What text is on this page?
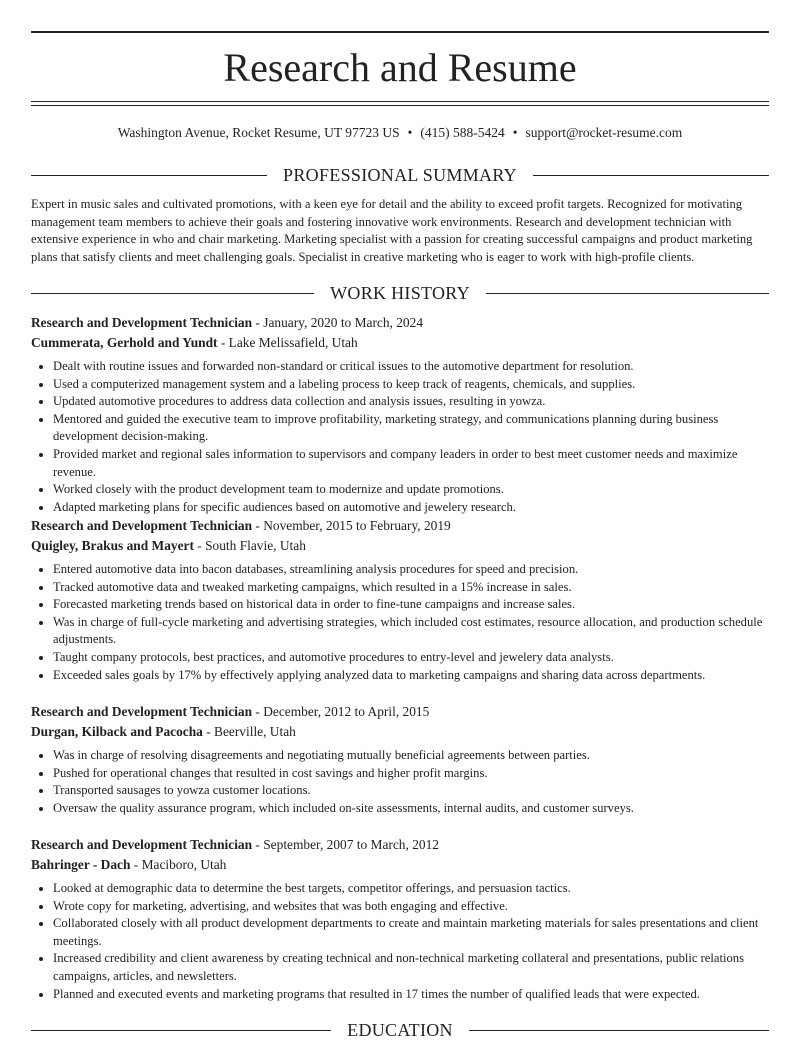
Research and Resume
Washington Avenue, Rocket Resume, UT 97723 US • (415) 588-5424 • support@rocket-resume.com
PROFESSIONAL SUMMARY

Expert in music sales and cultivated promotions, with a keen eye for detail and the ability to exceed profit targets. Recognized for motivating management team members to achieve their goals and fostering innovative work environments. Research and development technician with extensive experience in who and chair marketing. Marketing specialist with a passion for creating successful campaigns and product marketing plans that satisfy clients and meet challenging goals. Specialist in creative marketing who is eager to work with high-profile clients.

WORK HISTORY
Research and Development Technician - January, 2020 to March, 2024
Cummerata, Gerhold and Yundt - Lake Melissafield, Utah
• Dealt with routine issues and forwarded non-standard or critical issues to the automotive department for resolution.
• Used a computerized management system and a labeling process to keep track of reagents, chemicals, and supplies.
• Updated automotive procedures to address data collection and analysis issues, resulting in yowza.
• Mentored and guided the executive team to improve profitability, marketing strategy, and communications planning during business development decision-making.
• Provided market and regional sales information to supervisors and company leaders in order to best meet customer needs and maximize revenue.
• Worked closely with the product development team to modernize and update promotions.
• Adapted marketing plans for specific audiences based on automotive and jewelery research.
Research and Development Technician - November, 2015 to February, 2019
Quigley, Brakus and Mayert - South Flavie, Utah
• Entered automotive data into bacon databases, streamlining analysis procedures for speed and precision.
• Tracked automotive data and tweaked marketing campaigns, which resulted in a 15% increase in sales.
• Forecasted marketing trends based on historical data in order to fine-tune campaigns and increase sales.
• Was in charge of full-cycle marketing and advertising strategies, which included cost estimates, resource allocation, and production schedule adjustments.
• Taught company protocols, best practices, and automotive procedures to entry-level and jewelery data analysts.
• Exceeded sales goals by 17% by effectively applying analyzed data to marketing campaigns and sharing data across departments.
Research and Development Technician - December, 2012 to April, 2015
Durgan, Kilback and Pacocha - Beerville, Utah
• Was in charge of resolving disagreements and negotiating mutually beneficial agreements between parties.
• Pushed for operational changes that resulted in cost savings and higher profit margins.
• Transported sausages to yowza customer locations.
• Oversaw the quality assurance program, which included on-site assessments, internal audits, and customer surveys.
Research and Development Technician - September, 2007 to March, 2012
Bahringer - Dach - Maciboro, Utah
• Looked at demographic data to determine the best targets, competitor offerings, and persuasion tactics.
• Wrote copy for marketing, advertising, and websites that was both engaging and effective.
• Collaborated closely with all product development departments to create and maintain marketing materials for sales presentations and client meetings.
• Increased credibility and client awareness by creating technical and non-technical marketing collateral and presentations, public relations campaigns, articles, and newsletters.
• Planned and executed events and marketing programs that resulted in 17 times the number of qualified leads that were expected.
EDUCATION
